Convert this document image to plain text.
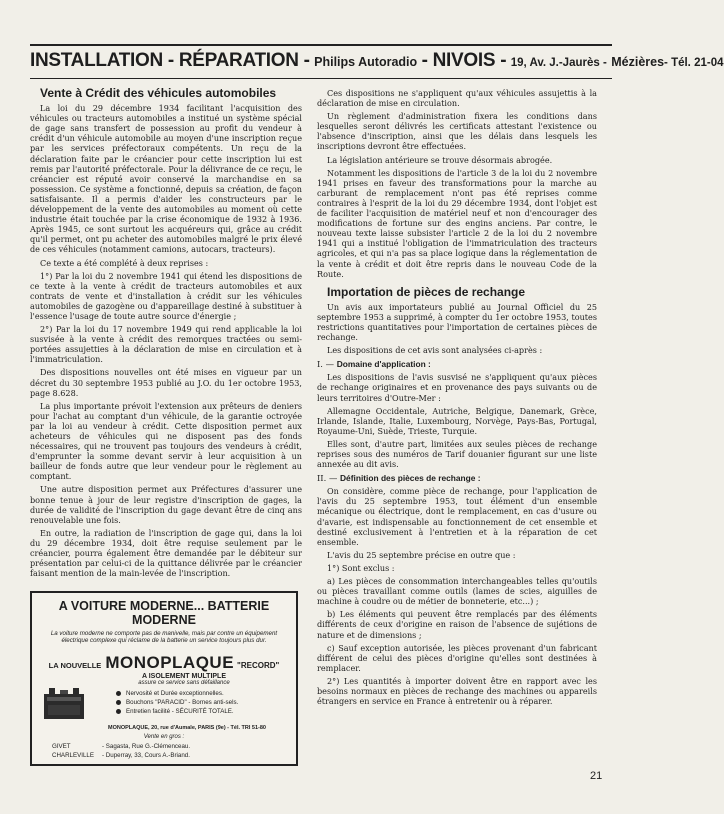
INSTALLATION - RÉPARATION -
Philips Autoradio
- NIVOIS -
19, Av. J.-Jaurès -
Mézières - Tél. 21-04
Vente à Crédit des véhicules automobiles

La loi du 29 décembre 1934 facilitant l'acquisition des véhicules ou tracteurs automobiles a institué un système spécial de gage sans transfert de possession au profit du vendeur à crédit d'un véhicule automobile au moyen d'une inscription reçue par les services préfectoraux compétents. Un reçu de la déclaration faite par le créancier pour cette inscription lui est remis par l'autorité préfectorale. Pour la délivrance de ce reçu, le créancier est réputé avoir conservé la marchandise en sa possession. Ce système a fonctionné, depuis sa création, de façon satisfaisante. Il a permis d'aider les constructeurs par le développement de la vente des automobiles au moment où cette industrie était touchée par la crise économique de 1932 à 1936. Après 1945, ce sont surtout les acquéreurs qui, grâce au crédit qu'il permet, ont pu acheter des automobiles malgré le prix élevé de ces véhicules (notamment camions, autocars, tracteurs).

Ce texte a été complété à deux reprises :

1°) Par la loi du 2 novembre 1941 qui étend les dispositions de ce texte à la vente à crédit de tracteurs automobiles et aux contrats de vente et d'installation à crédit sur les véhicules automobiles de gazogène ou d'appareillage destiné à substituer à l'essence l'usage de toute autre source d'énergie ;

2°) Par la loi du 17 novembre 1949 qui rend applicable la loi susvisée à la vente à crédit des remorques tractées ou semi-portées assujetties à la déclaration de mise en circulation et à l'immatriculation.

Des dispositions nouvelles ont été mises en vigueur par un décret du 30 septembre 1953 publié au J.O. du 1er octobre 1953, page 8.628.

La plus importante prévoit l'extension aux prêteurs de deniers pour l'achat au comptant d'un véhicule, de la garantie octroyée par la loi au vendeur à crédit. Cette disposition permet aux acheteurs de véhicules qui ne disposent pas des fonds nécessaires, qui ne trouvent pas toujours des vendeurs à crédit, d'emprunter la somme devant servir à leur acquisition à un bailleur de fonds autre que leur vendeur pour le règlement au comptant.

Une autre disposition permet aux Préfectures d'assurer une bonne tenue à jour de leur registre d'inscription de gages, la durée de validité de l'inscription du gage devant être de cinq ans renouvelable une fois.

En outre, la radiation de l'inscription de gage qui, dans la loi du 29 décembre 1934, doit être requise seulement par le créancier, pourra également être demandée par le débiteur sur présentation par celui-ci de la quittance délivrée par le créancier faisant mention de la main-levée de l'inscription.

A VOITURE MODERNE... BATTERIE MODERNE
La voiture moderne ne comporte pas de manivelle, mais par contre un équipement électrique complexe qui réclame de la batterie un service toujours plus dur.
LA NOUVELLE MONOPLAQUE "RECORD"
A ISOLEMENT MULTIPLE
assure ce service sans défaillance
Nervosité et Durée exceptionnelles.
Bouchons "PARACID" - Bornes anti-sels.
Entretien facilité - SÉCURITÉ TOTALE.
MONOPLAQUE, 20, rue d'Aumale, PARIS (9e) - Tél. TRI 51-80
Vente en gros :
GIVET	- Sagasta, Rue G.-Clémenceau.
CHARLEVILLE - Duperray, 33, Cours A.-Briand.

Ces dispositions ne s'appliquent qu'aux véhicules assujettis à la déclaration de mise en circulation.

Un règlement d'administration fixera les conditions dans lesquelles seront délivrés les certificats attestant l'existence ou l'absence d'inscription, ainsi que les délais dans lesquels les inscriptions devront être effectuées.

La législation antérieure se trouve désormais abrogée.

Notamment les dispositions de l'article 3 de la loi du 2 novembre 1941 prises en faveur des transformations pour la marche au carburant de remplacement n'ont pas été reprises comme contraires à l'esprit de la loi du 29 décembre 1934, dont l'objet est de faciliter l'acquisition de matériel neuf et non d'encourager des modifications de fortune sur des engins anciens. Par contre, le nouveau texte laisse subsister l'article 2 de la loi du 2 novembre 1941 qui a institué l'obligation de l'immatriculation des tracteurs agricoles, et qui n'a pas sa place logique dans la réglementation de la vente à crédit et doit être repris dans le nouveau Code de la Route.

Importation de pièces de rechange

Un avis aux importateurs publié au Journal Officiel du 25 septembre 1953 a supprimé, à compter du 1er octobre 1953, toutes restrictions quantitatives pour l'importation de certaines pièces de rechange.

Les dispositions de cet avis sont analysées ci-après :

I. — Domaine d'application :

Les dispositions de l'avis susvisé ne s'appliquent qu'aux pièces de rechange originaires et en provenance des pays suivants ou de leurs territoires d'Outre-Mer :

Allemagne Occidentale, Autriche, Belgique, Danemark, Grèce, Irlande, Islande, Italie, Luxembourg, Norvège, Pays-Bas, Portugal, Royaume-Uni, Suède, Trieste, Turquie.

Elles sont, d'autre part, limitées aux seules pièces de rechange reprises sous des numéros de Tarif douanier figurant sur une liste annexée au dit avis.

II. — Définition des pièces de rechange :

On considère, comme pièce de rechange, pour l'application de l'avis du 25 septembre 1953, tout élément d'un ensemble mécanique ou électrique, dont le remplacement, en cas d'usure ou d'avarie, est indispensable au fonctionnement de cet ensemble et destiné exclusivement à l'entretien et à la réparation de cet ensemble.

L'avis du 25 septembre précise en outre que :

1°) Sont exclus :

a) Les pièces de consommation interchangeables telles qu'outils ou pièces travaillant comme outils (lames de scies, aiguilles de machine à coudre ou de métier de bonneterie, etc...) ;

b) Les éléments qui peuvent être remplacés par des éléments différents de ceux d'origine en raison de l'absence de sujétions de nature et de dimensions ;

c) Sauf exception autorisée, les pièces provenant d'un fabricant différent de celui des pièces d'origine qu'elles sont destinées à remplacer.

2°) Les quantités à importer doivent être en rapport avec les besoins normaux en pièces de rechange des machines ou appareils étrangers en service en France à entretenir ou à réparer.

21
